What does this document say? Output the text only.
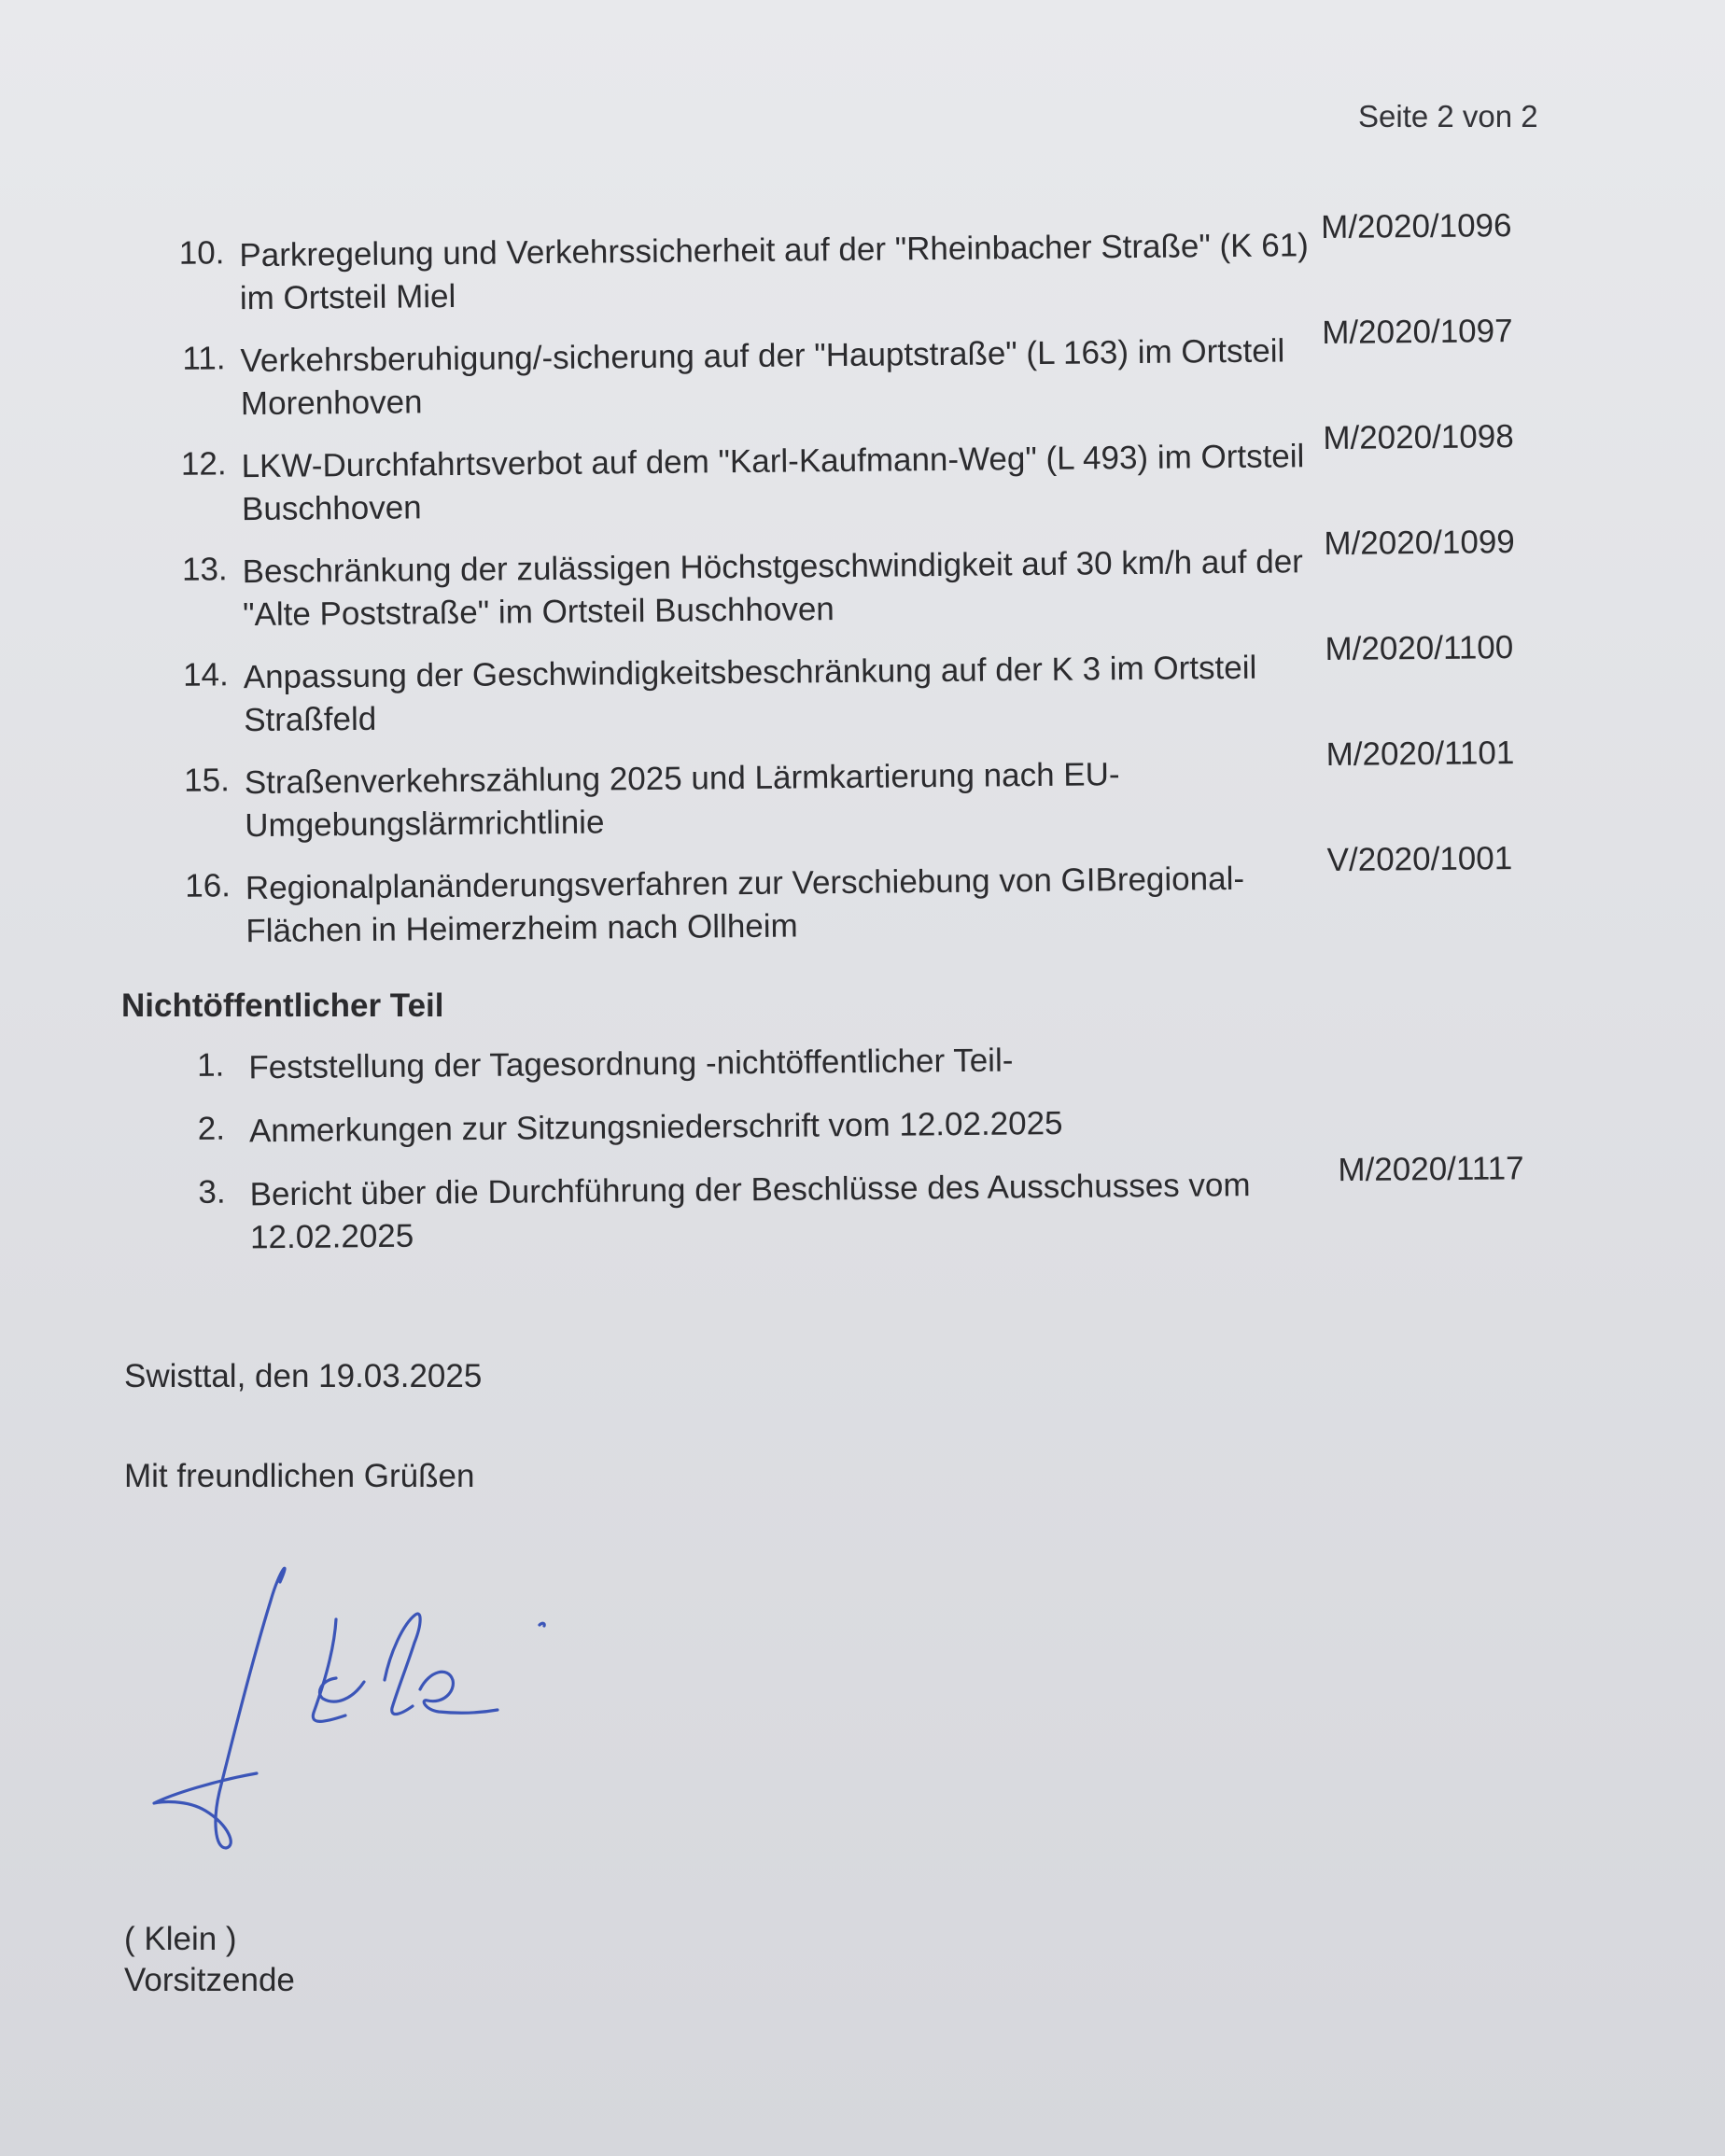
Seite 2 von 2
10. Parkregelung und Verkehrssicherheit auf der "Rheinbacher Straße" (K 61) im Ortsteil Miel
M/2020/1096
11. Verkehrsberuhigung/-sicherung auf der "Hauptstraße" (L 163) im Ortsteil Morenhoven
M/2020/1097
12. LKW-Durchfahrtsverbot auf dem "Karl-Kaufmann-Weg" (L 493) im Ortsteil Buschhoven
M/2020/1098
13. Beschränkung der zulässigen Höchstgeschwindigkeit auf 30 km/h auf der "Alte Poststraße" im Ortsteil Buschhoven
M/2020/1099
14. Anpassung der Geschwindigkeitsbeschränkung auf der K 3 im Ortsteil Straßfeld
M/2020/1100
15. Straßenverkehrszählung 2025 und Lärmkartierung nach EU-Umgebungslärmrichtlinie
M/2020/1101
16. Regionalplanänderungsverfahren zur Verschiebung von GIBregional-Flächen in Heimerzheim nach Ollheim
V/2020/1001
Nichtöffentlicher Teil
1. Feststellung der Tagesordnung -nichtöffentlicher Teil-
2. Anmerkungen zur Sitzungsniederschrift vom 12.02.2025
3. Bericht über die Durchführung der Beschlüsse des Ausschusses vom 12.02.2025
M/2020/1117
Swisttal, den 19.03.2025
Mit freundlichen Grüßen
( Klein )
Vorsitzende
